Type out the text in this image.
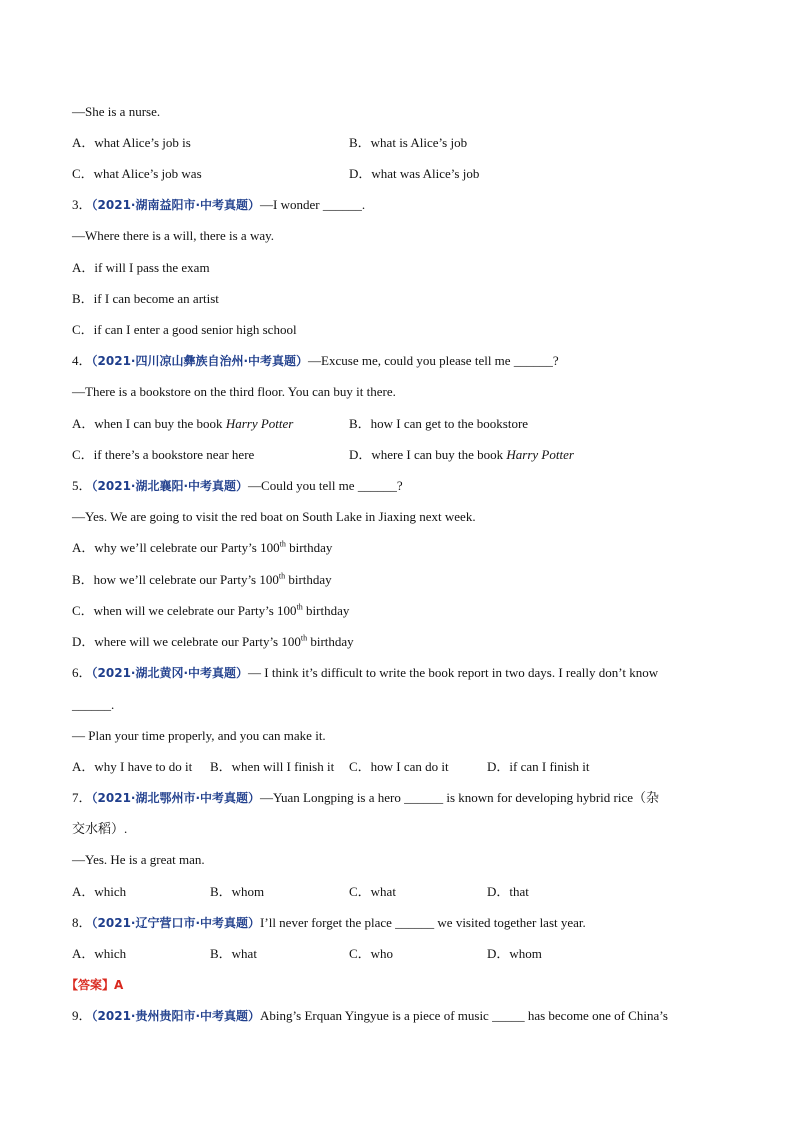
—She is a nurse.
A．what Alice’s job is	B．what is Alice’s job
C．what Alice’s job was	D．what was Alice’s job
3．（2021·湖南益阳市·中考真题）—I wonder ______.
—Where there is a will, there is a way.
A．if will I pass the exam
B．if I can become an artist
C．if can I enter a good senior high school
4．（2021·四川凉山彝族自治州·中考真题）—Excuse me, could you please tell me ______?
—There is a bookstore on the third floor. You can buy it there.
A．when I can buy the book Harry Potter	B．how I can get to the bookstore
C．if there’s a bookstore near here	D．where I can buy the book Harry Potter
5．（2021·湖北襄阳·中考真题）—Could you tell me ______?
—Yes. We are going to visit the red boat on South Lake in Jiaxing next week.
A．why we’ll celebrate our Party’s 100th birthday
B．how we’ll celebrate our Party’s 100th birthday
C．when will we celebrate our Party’s 100th birthday
D．where will we celebrate our Party’s 100th birthday
6．（2021·湖北黄冈·中考真题）— I think it’s difficult to write the book report in two days. I really don’t know
______.
— Plan your time properly, and you can make it.
A．why I have to do it B．when will I finish it C．how I can do it	D．if can I finish it
7．（2021·湖北鄂州市·中考真题）—Yuan Longping is a hero ______ is known for developing hybrid rice（杂
交水稻）.
—Yes. He is a great man.
A．which	B．whom	C．what	D．that
8．（2021·辽宁营口市·中考真题）I’ll never forget the place ______ we visited together last year.
A．which	B．what	C．who	D．whom
【答案】A
9．（2021·贵州贵阳市·中考真题）Abing’s Erquan Yingyue is a piece of music _____ has become one of China’s
